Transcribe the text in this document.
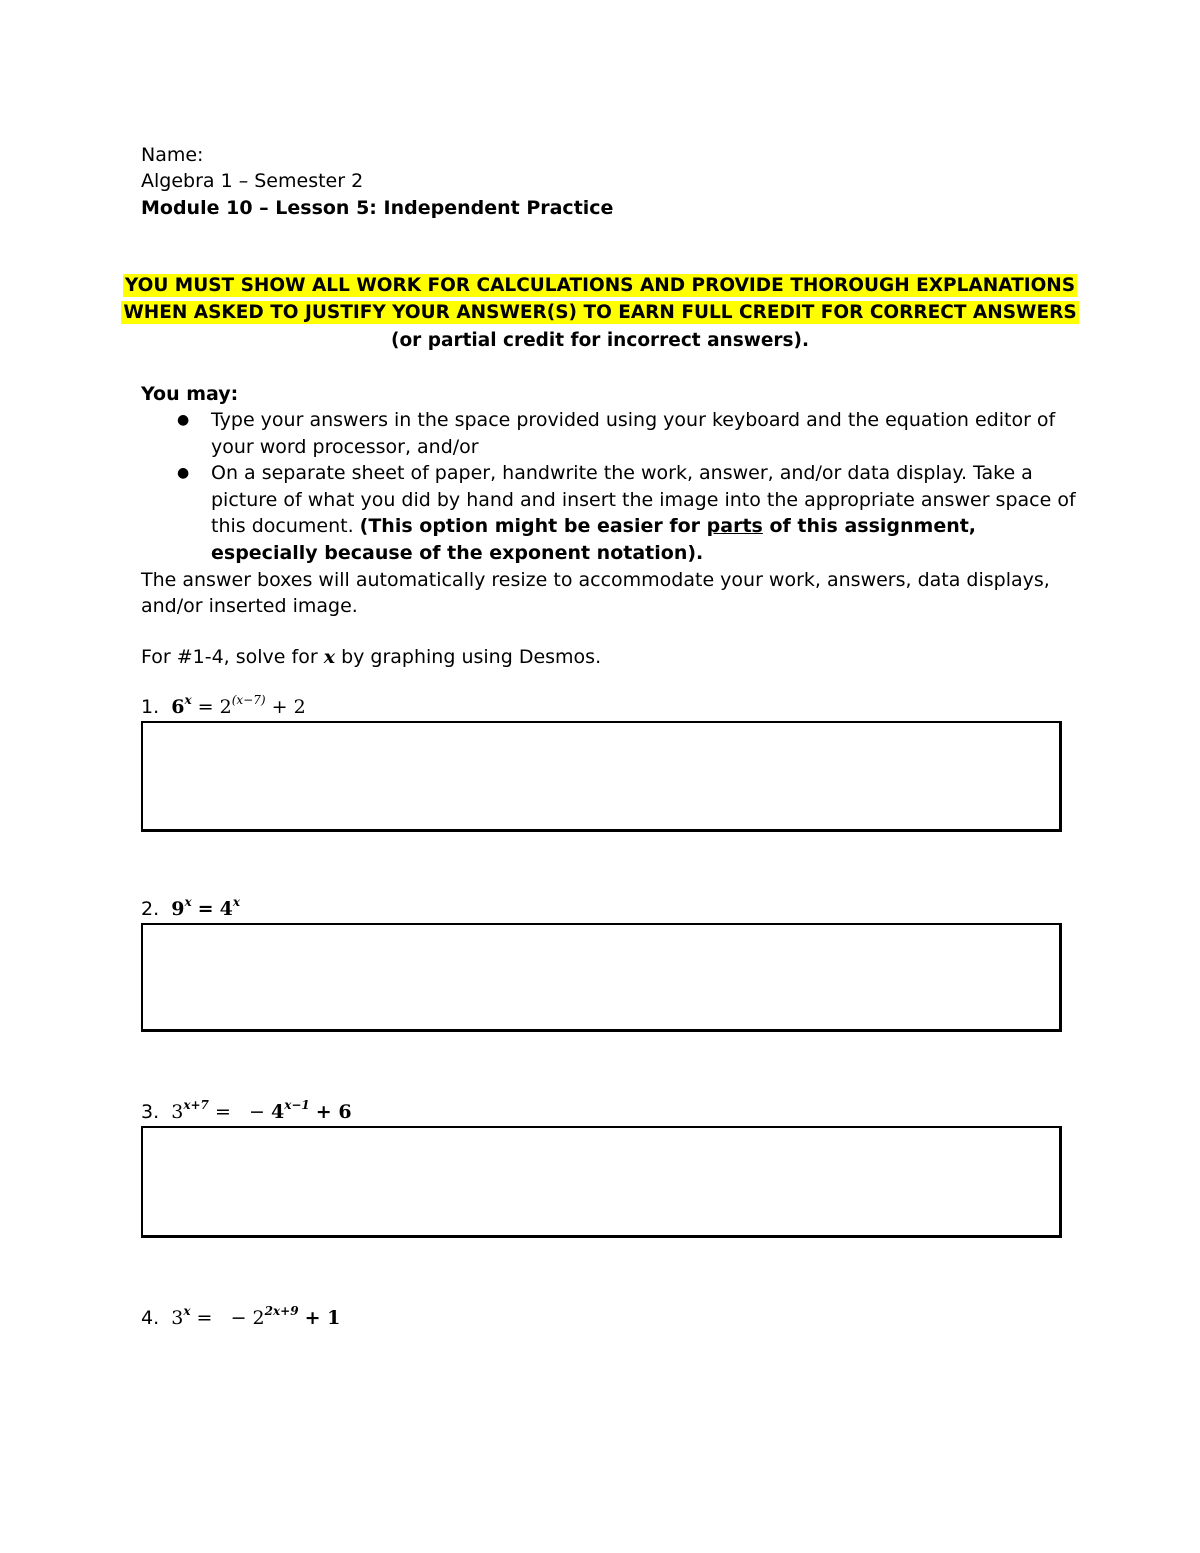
Name:
Algebra 1 – Semester 2
Module 10 – Lesson 5: Independent Practice
YOU MUST SHOW ALL WORK FOR CALCULATIONS AND PROVIDE THOROUGH EXPLANATIONS
WHEN ASKED TO JUSTIFY YOUR ANSWER(S) TO EARN FULL CREDIT FOR CORRECT ANSWERS
(or partial credit for incorrect answers).
You may:
● Type your answers in the space provided using your keyboard and the equation editor of your word processor, and/or
● On a separate sheet of paper, handwrite the work, answer, and/or data display. Take a picture of what you did by hand and insert the image into the appropriate answer space of this document. (This option might be easier for parts of this assignment, especially because of the exponent notation).
The answer boxes will automatically resize to accommodate your work, answers, data displays, and/or inserted image.
For #1-4, solve for x by graphing using Desmos.
1. $6^x = 2^{(x-7)} + 2$
2. $9^x = 4^x$
3. $3^{x+7}$ = − $4^{x-1} + 6$
4. $3^x$ = − $2^{2x+9} + 1$
